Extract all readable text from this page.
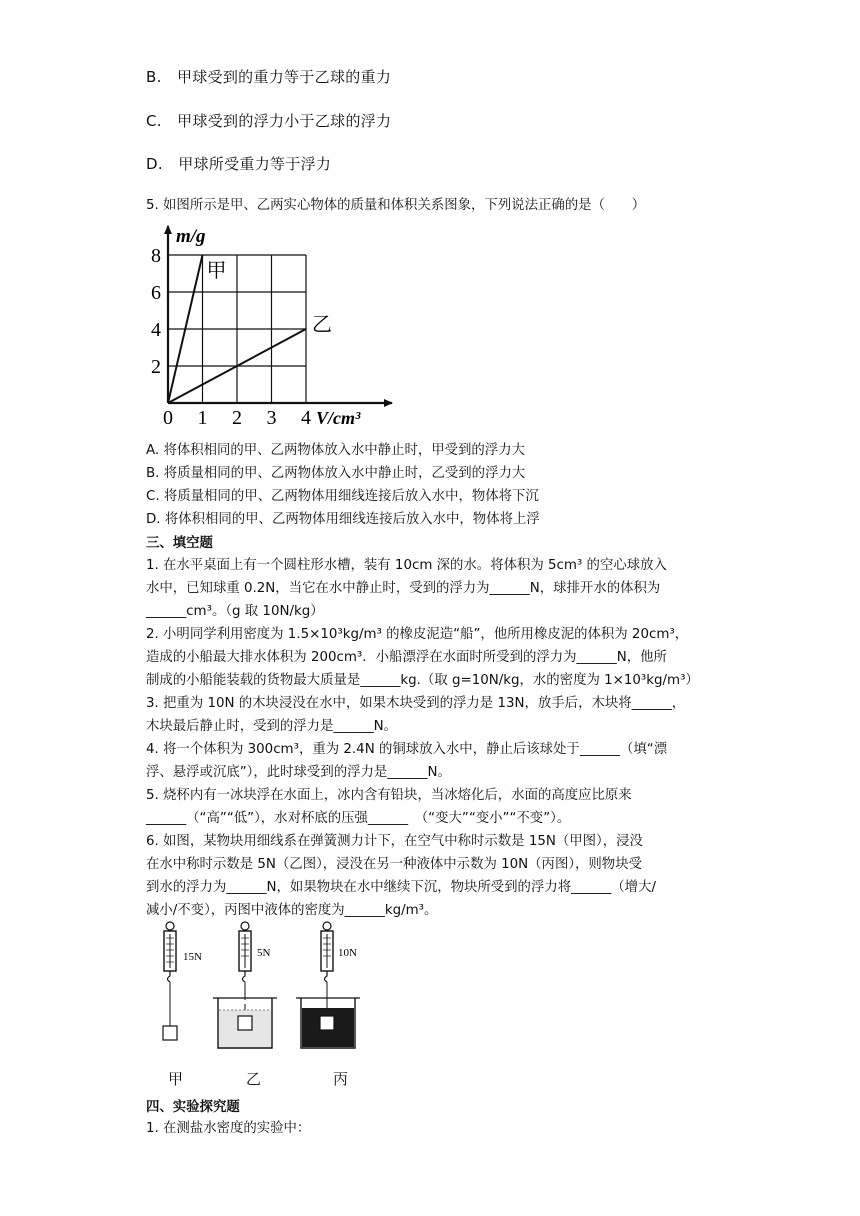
B.　甲球受到的重力等于乙球的重力
C.　甲球受到的浮力小于乙球的浮力
D.　甲球所受重力等于浮力
5. 如图所示是甲、乙两实心物体的质量和体积关系图象，下列说法正确的是（　　）
0 1 2 3 4
2
4
6
8
m/g
V/cm³
甲
乙
A. 将体积相同的甲、乙两物体放入水中静止时，甲受到的浮力大
B. 将质量相同的甲、乙两物体放入水中静止时，乙受到的浮力大
C. 将质量相同的甲、乙两物体用细线连接后放入水中，物体将下沉
D. 将体积相同的甲、乙两物体用细线连接后放入水中，物体将上浮
三、填空题
1. 在水平桌面上有一个圆柱形水槽，装有 10cm 深的水。将体积为 5cm³ 的空心球放入
水中，已知球重 0.2N，当它在水中静止时，受到的浮力为______N，球排开水的体积为
______cm³。（g 取 10N/kg）
2. 小明同学利用密度为 1.5×10³kg/m³ 的橡皮泥造“船”，他所用橡皮泥的体积为 20cm³，
造成的小船最大排水体积为 200cm³．小船漂浮在水面时所受到的浮力为______N，他所
制成的小船能装载的货物最大质量是______kg.（取 g=10N/kg，水的密度为 1×10³kg/m³）
3. 把重为 10N 的木块浸没在水中，如果木块受到的浮力是 13N，放手后，木块将______，
木块最后静止时，受到的浮力是______N。
4. 将一个体积为 300cm³，重为 2.4N 的铜球放入水中，静止后该球处于______（填“漂
浮、悬浮或沉底”），此时球受到的浮力是______N。
5. 烧杯内有一冰块浮在水面上，冰内含有铅块，当冰熔化后，水面的高度应比原来
______（“高”“低”），水对杯底的压强______　（“变大”“变小”“不变”）。
6. 如图，某物块用细线系在弹簧测力计下，在空气中称时示数是 15N（甲图），浸没
在水中称时示数是 5N（乙图），浸没在另一种液体中示数为 10N（丙图），则物块受
到水的浮力为______N，如果物块在水中继续下沉，物块所受到的浮力将______（增大/
减小/不变），丙图中液体的密度为______kg/m³。
15N	5N	10N
甲	乙	丙
四、实验探究题
1. 在测盐水密度的实验中：
